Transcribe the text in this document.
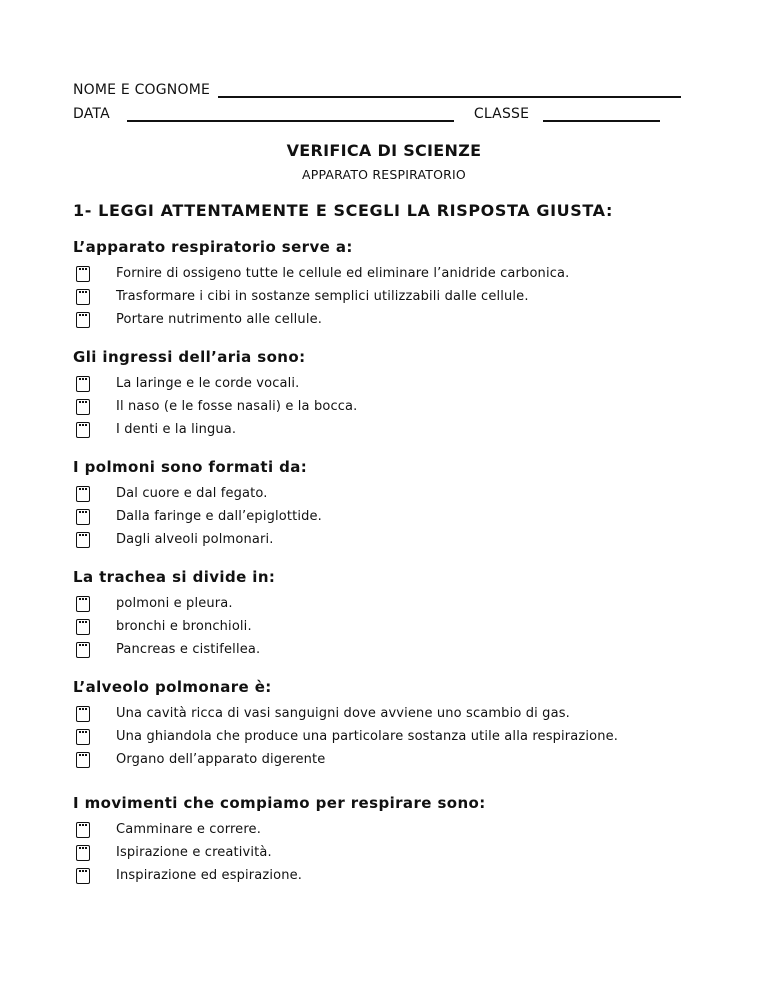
NOME E COGNOME
DATA	CLASSE
VERIFICA DI SCIENZE
APPARATO RESPIRATORIO
1- LEGGI ATTENTAMENTE E SCEGLI LA RISPOSTA GIUSTA:
L’apparato respiratorio serve a:
Fornire di ossigeno tutte le cellule ed eliminare l’anidride carbonica.
Trasformare i cibi in sostanze semplici utilizzabili dalle cellule.
Portare nutrimento alle cellule.
Gli ingressi dell’aria sono:
La laringe e le corde vocali.
Il naso (e le fosse nasali) e la bocca.
I denti e la lingua.
I polmoni sono formati da:
Dal cuore e dal fegato.
Dalla faringe e dall’epiglottide.
Dagli alveoli polmonari.
La trachea si divide in:
polmoni e pleura.
bronchi e bronchioli.
Pancreas e cistifellea.
L’alveolo polmonare è:
Una cavità ricca di vasi sanguigni dove avviene uno scambio di gas.
Una ghiandola che produce una particolare sostanza utile alla respirazione.
Organo dell’apparato digerente
I movimenti che compiamo per respirare sono:
Camminare e correre.
Ispirazione e creatività.
Inspirazione ed espirazione.
